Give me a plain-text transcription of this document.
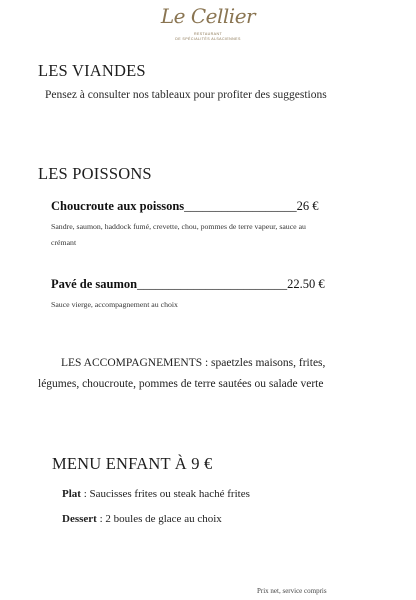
Le Cellier
RESTAURANT
DE SPÉCIALITÉS ALSACIENNES
LES VIANDES
Pensez à consulter nos tableaux pour profiter des suggestions
LES POISSONS
Choucroute aux poissons__________________26 €
Sandre, saumon, haddock fumé, crevette, chou, pommes de terre vapeur, sauce au
crémant
Pavé de saumon________________________22.50 €
Sauce vierge, accompagnement au choix
LES ACCOMPAGNEMENTS : spaetzles maisons, frites,
légumes, choucroute, pommes de terre sautées ou salade verte
MENU ENFANT À 9 €
Plat : Saucisses frites ou steak haché frites
Dessert : 2 boules de glace au choix
Prix net, service compris
